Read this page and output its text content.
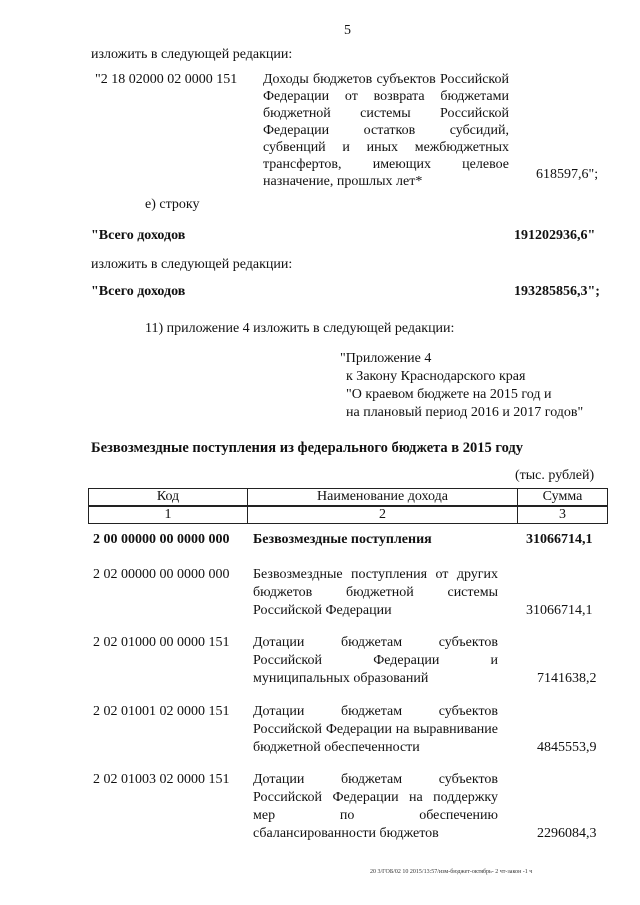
5
изложить в следующей редакции:
"2 18 02000 02 0000 151 Доходы бюджетов субъектов Российской Федерации от возврата бюджетами бюджетной системы Российской Федерации остатков субсидий, субвенций и иных межбюджетных трансфертов, имеющих целевое назначение, прошлых лет*	618597,6";
е) строку
"Всего доходов	191202936,6"
изложить в следующей редакции:
"Всего доходов	193285856,3";
11) приложение 4 изложить в следующей редакции:
"Приложение 4
к Закону Краснодарского края
"О краевом бюджете на 2015 год и
на плановый период 2016 и 2017 годов"
Безвозмездные поступления из федерального бюджета в 2015 году
(тыс. рублей)
Код	Наименование дохода	Сумма
1	2	3
2 00 00000 00 0000 000 Безвозмездные поступления	31066714,1
2 02 00000 00 0000 000 Безвозмездные поступления от других бюджетов бюджетной системы Российской Федерации	31066714,1
2 02 01000 00 0000 151 Дотации бюджетам субъектов Российской Федерации и муниципальных образований	7141638,2
2 02 01001 02 0000 151 Дотации бюджетам субъектов Российской Федерации на выравнивание бюджетной обеспеченности	4845553,9
2 02 01003 02 0000 151 Дотации бюджетам субъектов Российской Федерации на поддержку мер по обеспечению сбалансированности бюджетов	2296084,3
20 3/ГОБ/02 10 2015/13:57/изм-бюджет-октябрь- 2 чт-закон -1 ч
